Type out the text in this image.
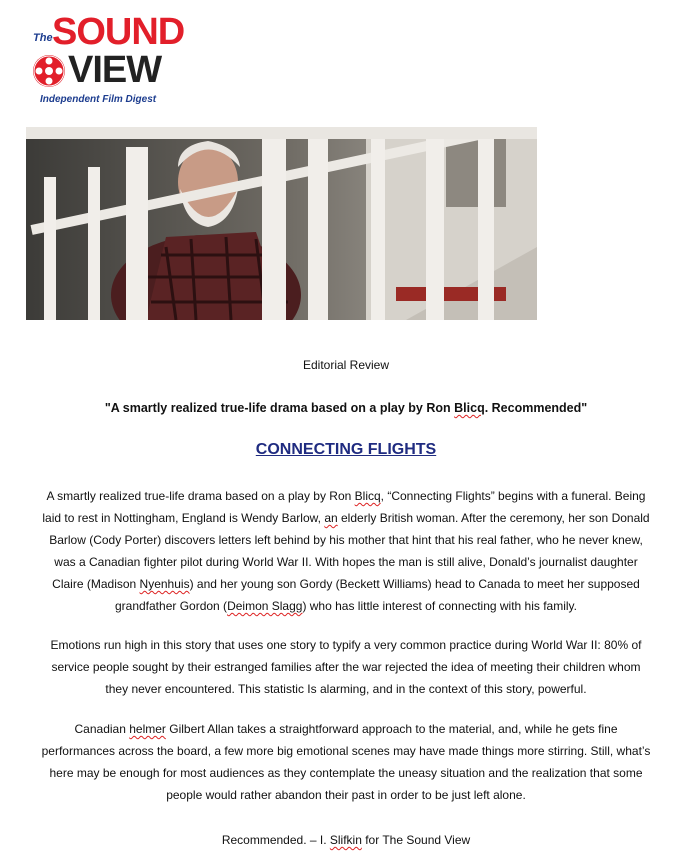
The SOUND
VIEW
Independent Film Digest
Editorial Review
"A smartly realized true-life drama based on a play by Ron Blicq. Recommended"
CONNECTING FLIGHTS

A smartly realized true-life drama based on a play by Ron Blicq, “Connecting Flights” begins with a funeral. Being laid to rest in Nottingham, England is Wendy Barlow, an elderly British woman. After the ceremony, her son Donald Barlow (Cody Porter) discovers letters left behind by his mother that hint that his real father, who he never knew, was a Canadian fighter pilot during World War II. With hopes the man is still alive, Donald’s journalist daughter Claire (Madison Nyenhuis) and her young son Gordy (Beckett Williams) head to Canada to meet her supposed grandfather Gordon (Deimon Slagg) who has little interest of connecting with his family.

Emotions run high in this story that uses one story to typify a very common practice during World War II: 80% of service people sought by their estranged families after the war rejected the idea of meeting their children whom they never encountered. This statistic Is alarming, and in the context of this story, powerful.

Canadian helmer Gilbert Allan takes a straightforward approach to the material, and, while he gets fine performances across the board, a few more big emotional scenes may have made things more stirring. Still, what’s here may be enough for most audiences as they contemplate the uneasy situation and the realization that some people would rather abandon their past in order to be just left alone.

Recommended. – I. Slifkin for The Sound View
